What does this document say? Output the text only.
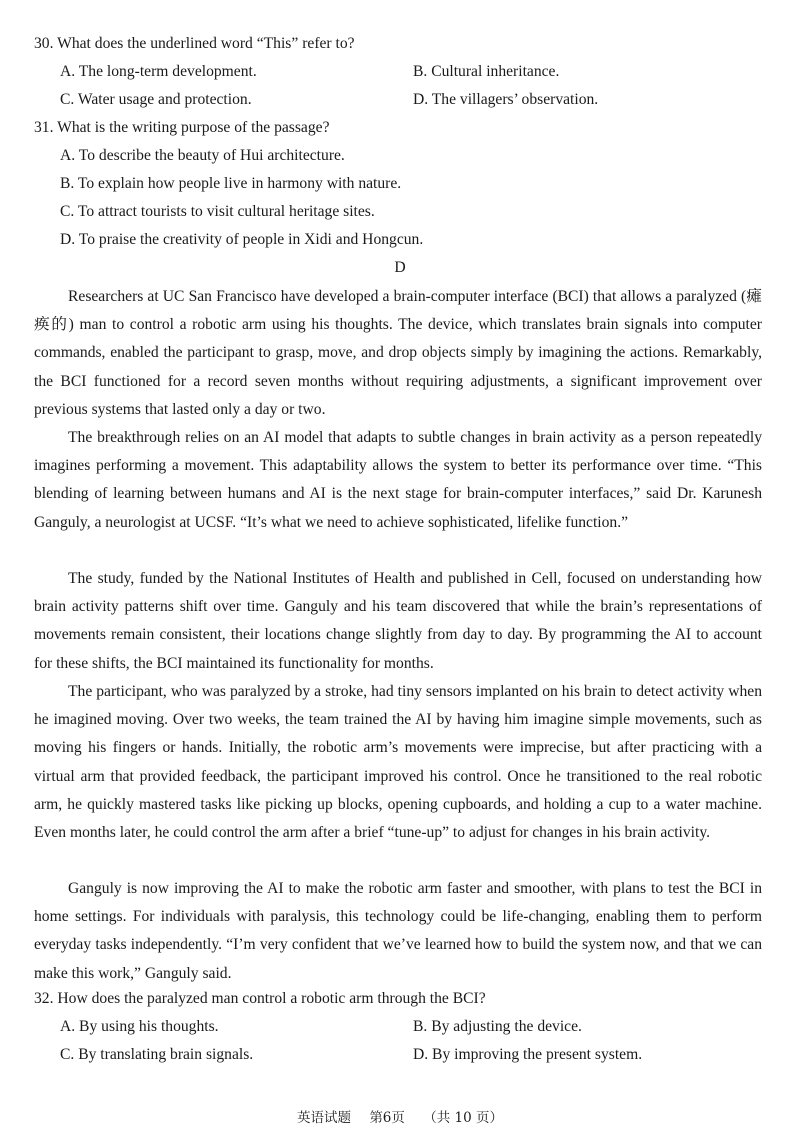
30. What does the underlined word “This” refer to?
A. The long-term development.	B. Cultural inheritance.
C. Water usage and protection.	D. The villagers’ observation.
31. What is the writing purpose of the passage?
A. To describe the beauty of Hui architecture.
B. To explain how people live in harmony with nature.
C. To attract tourists to visit cultural heritage sites.
D. To praise the creativity of people in Xidi and Hongcun.
D

Researchers at UC San Francisco have developed a brain-computer interface (BCI) that allows a paralyzed (瘫痪的) man to control a robotic arm using his thoughts. The device, which translates brain signals into computer commands, enabled the participant to grasp, move, and drop objects simply by imagining the actions. Remarkably, the BCI functioned for a record seven months without requiring adjustments, a significant improvement over previous systems that lasted only a day or two.

The breakthrough relies on an AI model that adapts to subtle changes in brain activity as a person repeatedly imagines performing a movement. This adaptability allows the system to better its performance over time. “This blending of learning between humans and AI is the next stage for brain-computer interfaces,” said Dr. Karunesh Ganguly, a neurologist at UCSF. “It’s what we need to achieve sophisticated, lifelike function.”

The study, funded by the National Institutes of Health and published in Cell, focused on understanding how brain activity patterns shift over time. Ganguly and his team discovered that while the brain’s representations of movements remain consistent, their locations change slightly from day to day. By programming the AI to account for these shifts, the BCI maintained its functionality for months.

The participant, who was paralyzed by a stroke, had tiny sensors implanted on his brain to detect activity when he imagined moving. Over two weeks, the team trained the AI by having him imagine simple movements, such as moving his fingers or hands. Initially, the robotic arm’s movements were imprecise, but after practicing with a virtual arm that provided feedback, the participant improved his control. Once he transitioned to the real robotic arm, he quickly mastered tasks like picking up blocks, opening cupboards, and holding a cup to a water machine. Even months later, he could control the arm after a brief “tune-up” to adjust for changes in his brain activity.

Ganguly is now improving the AI to make the robotic arm faster and smoother, with plans to test the BCI in home settings. For individuals with paralysis, this technology could be life-changing, enabling them to perform everyday tasks independently. “I’m very confident that we’ve learned how to build the system now, and that we can make this work,” Ganguly said.

32. How does the paralyzed man control a robotic arm through the BCI?
A. By using his thoughts.	B. By adjusting the device.
C. By translating brain signals.	D. By improving the present system.
英语试题 第6页 （共 10 页）
